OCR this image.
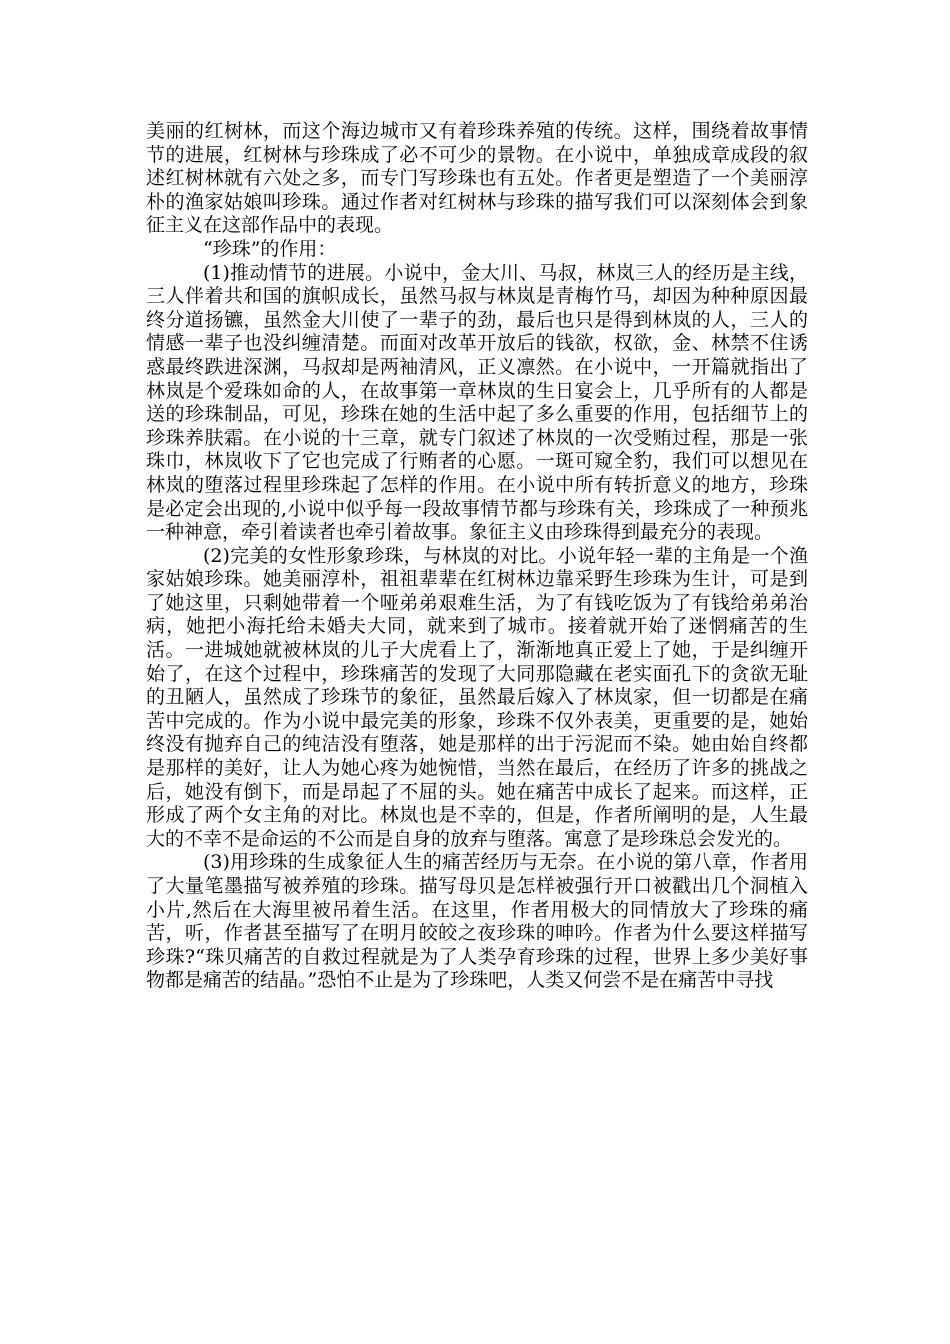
美丽的红树林，而这个海边城市又有着珍珠养殖的传统。这样，围绕着故事情节的进展，红树林与珍珠成了必不可少的景物。在小说中，单独成章成段的叙述红树林就有六处之多，而专门写珍珠也有五处。作者更是塑造了一个美丽淳朴的渔家姑娘叫珍珠。通过作者对红树林与珍珠的描写我们可以深刻体会到象征主义在这部作品中的表现。

“珍珠”的作用：

(1)推动情节的进展。小说中，金大川、马叔，林岚三人的经历是主线，三人伴着共和国的旗帜成长，虽然马叔与林岚是青梅竹马，却因为种种原因最终分道扬镳，虽然金大川使了一辈子的劲，最后也只是得到林岚的人，三人的情感一辈子也没纠缠清楚。而面对改革开放后的钱欲，权欲，金、林禁不住诱惑最终跌进深渊，马叔却是两袖清风，正义凛然。在小说中，一开篇就指出了林岚是个爱珠如命的人，在故事第一章林岚的生日宴会上，几乎所有的人都是送的珍珠制品，可见，珍珠在她的生活中起了多么重要的作用，包括细节上的珍珠养肤霜。在小说的十三章，就专门叙述了林岚的一次受贿过程，那是一张珠巾，林岚收下了它也完成了行贿者的心愿。一斑可窥全豹，我们可以想见在林岚的堕落过程里珍珠起了怎样的作用。在小说中所有转折意义的地方，珍珠是必定会出现的,小说中似乎每一段故事情节都与珍珠有关，珍珠成了一种预兆一种神意，牵引着读者也牵引着故事。象征主义由珍珠得到最充分的表现。

(2)完美的女性形象珍珠，与林岚的对比。小说年轻一辈的主角是一个渔家姑娘珍珠。她美丽淳朴，祖祖辈辈在红树林边靠采野生珍珠为生计，可是到了她这里，只剩她带着一个哑弟弟艰难生活，为了有钱吃饭为了有钱给弟弟治病，她把小海托给未婚夫大同，就来到了城市。接着就开始了迷惘痛苦的生活。一进城她就被林岚的儿子大虎看上了，渐渐地真正爱上了她，于是纠缠开始了，在这个过程中，珍珠痛苦的发现了大同那隐藏在老实面孔下的贪欲无耻的丑陋人，虽然成了珍珠节的象征，虽然最后嫁入了林岚家，但一切都是在痛苦中完成的。作为小说中最完美的形象，珍珠不仅外表美，更重要的是，她始终没有抛弃自己的纯洁没有堕落，她是那样的出于污泥而不染。她由始自终都是那样的美好，让人为她心疼为她惋惜，当然在最后，在经历了许多的挑战之后，她没有倒下，而是昂起了不屈的头。她在痛苦中成长了起来。而这样，正形成了两个女主角的对比。林岚也是不幸的，但是，作者所阐明的是，人生最大的不幸不是命运的不公而是自身的放弃与堕落。寓意了是珍珠总会发光的。

(3)用珍珠的生成象征人生的痛苦经历与无奈。在小说的第八章，作者用了大量笔墨描写被养殖的珍珠。描写母贝是怎样被强行开口被戳出几个洞植入小片,然后在大海里被吊着生活。在这里，作者用极大的同情放大了珍珠的痛苦，听，作者甚至描写了在明月皎皎之夜珍珠的呻吟。作者为什么要这样描写珍珠?“珠贝痛苦的自救过程就是为了人类孕育珍珠的过程，世界上多少美好事物都是痛苦的结晶。”恐怕不止是为了珍珠吧，人类又何尝不是在痛苦中寻找
